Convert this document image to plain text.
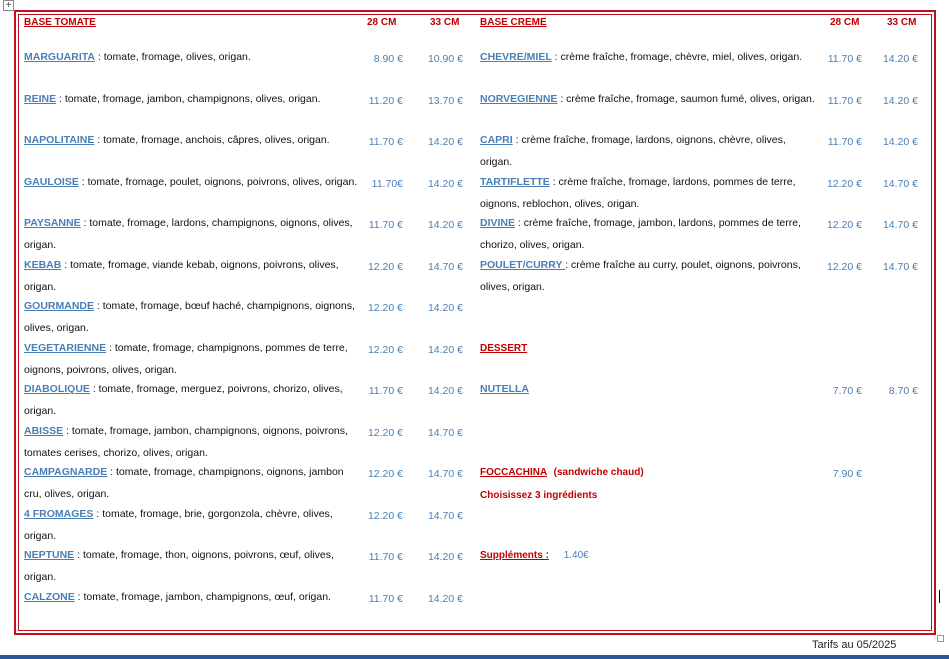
+
BASE TOMATE	28 CM	33 CM BASE CREME	28 CM	33 CM
MARGUARITA : tomate, fromage, olives, origan.	8.90 €	10.90 €
REINE : tomate, fromage, jambon, champignons, olives, origan.	11.20 €	13.70 €
NAPOLITAINE : tomate, fromage, anchois, câpres, olives, origan.	11.70 €	14.20 €
GAULOISE : tomate, fromage, poulet, oignons, poivrons, olives, origan.	11.70€	14.20 €
PAYSANNE : tomate, fromage, lardons, champignons, oignons, olives, origan.
11.70 €	14.20 €
KEBAB : tomate, fromage, viande kebab, oignons, poivrons, olives, origan.
12.20 €	14.70 €
GOURMANDE : tomate, fromage, bœuf haché, champignons, oignons, olives, origan.
12.20 €	14.20 €
VEGETARIENNE : tomate, fromage, champignons, pommes de terre, oignons, poivrons, olives, origan.
12.20 €	14.20 €
DIABOLIQUE : tomate, fromage, merguez, poivrons, chorizo, olives, origan.
11.70 €	14.20 €
ABISSE : tomate, fromage, jambon, champignons, oignons, poivrons, tomates cerises, chorizo, olives, origan.
12.20 €	14.70 €
CAMPAGNARDE : tomate, fromage, champignons, oignons, jambon cru, olives, origan.
12.20 €	14.70 €
4 FROMAGES : tomate, fromage, brie, gorgonzola, chèvre, olives, origan.
12.20 €	14.70 €
NEPTUNE : tomate, fromage, thon, oignons, poivrons, œuf, olives, origan.
11.70 €	14.20 €
CALZONE : tomate, fromage, jambon, champignons, œuf, origan.	11.70 €	14.20 €
CHEVRE/MIEL : crème fraîche, fromage, chèvre, miel, olives, origan.	11.70 €	14.20 €
NORVEGIENNE : crème fraîche, fromage, saumon fumé, olives, origan.	11.70 €	14.20 €
CAPRI : crème fraîche, fromage, lardons, oignons, chèvre, olives, origan.
11.70 €	14.20 €
TARTIFLETTE : crème fraîche, fromage, lardons, pommes de terre, oignons, reblochon, olives, origan.
12.20 €	14.70 €
DIVINE : crème fraîche, fromage, jambon, lardons, pommes de terre, chorizo, olives, origan.
12.20 €	14.70 €
POULET/CURRY : crème fraîche au curry, poulet, oignons, poivrons, olives, origan.
12.20 €	14.70 €
DESSERT
NUTELLA	7.70 €	8.70 €
FOCCACHINA (sandwiche chaud)	7.90 €
Choisissez 3 ingrédients
Suppléments : 1.40€
Tarifs au 05/2025
